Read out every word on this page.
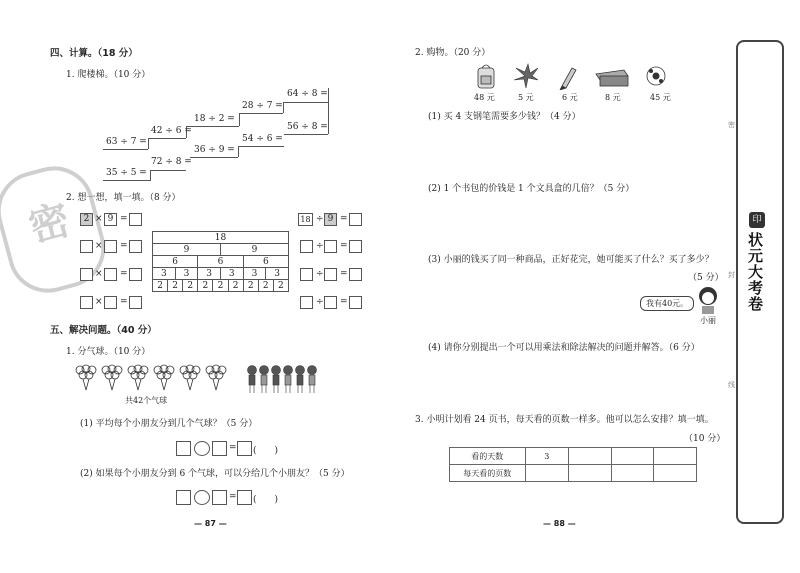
四、计算。（18 分）
1. 爬楼梯。（10 分）
35 ÷ 5 =
63 ÷ 7 =
72 ÷ 8 =
42 ÷ 6 =
36 ÷ 9 =
18 ÷ 2 =
54 ÷ 6 =
28 ÷ 7 =
56 ÷ 8 =
64 ÷ 8 =
密
2. 想一想，填一填。（8 分）
2 × 9 =
× =
× =
× =
18											
9						9					
6				6				6			
3		3		3		3		3		3	
2	2		2	2	2		2	2	2		2
18 ÷ 9 =
÷ =
÷ =
÷ =
五、解决问题。（40 分）
1. 分气球。（10 分）
共42个气球
(1) 平均每个小朋友分到几个气球？（5 分）
= (　　)
(2) 如果每个小朋友分到 6 个气球，可以分给几个小朋友？（5 分）
= (　　)
— 87 —
2. 购物。（20 分）
48 元	5 元	6 元	8 元	45 元
(1) 买 4 支钢笔需要多少钱？（4 分）
(2) 1 个书包的价钱是 1 个文具盒的几倍？（5 分）
(3) 小丽的钱买了同一种商品，正好花完，她可能买了什么？买了多少？
（5 分）
我有40元。
小丽
(4) 请你分别提出一个可以用乘法和除法解决的问题并解答。（6 分）
3. 小明计划看 24 页书，每天看的页数一样多。他可以怎么安排？填一填。
（10 分）
看的天数	3			
每天看的页数				
— 88 —
密
封
线
印
状元大考卷
